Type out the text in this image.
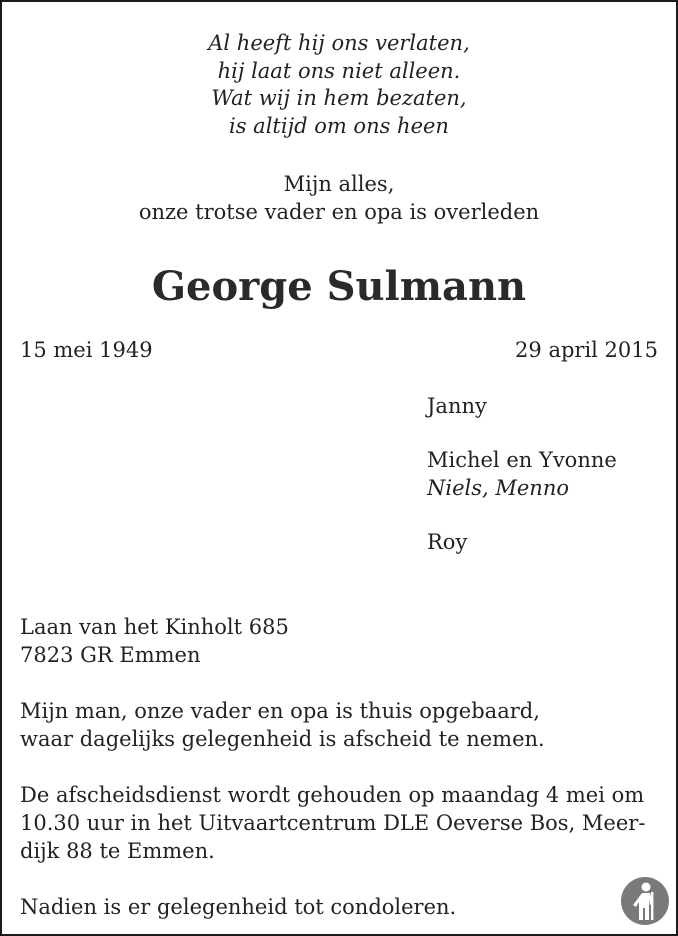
Al heeft hij ons verlaten,
hij laat ons niet alleen.
Wat wij in hem bezaten,
is altijd om ons heen
Mijn alles,
onze trotse vader en opa is overleden
George Sulmann
15 mei 1949	29 april 2015
Janny
Michel en Yvonne
Niels, Menno
Roy
Laan van het Kinholt 685
7823 GR Emmen
Mijn man, onze vader en opa is thuis opgebaard,
waar dagelijks gelegenheid is afscheid te nemen.
De afscheidsdienst wordt gehouden op maandag 4 mei om
10.30 uur in het Uitvaartcentrum DLE Oeverse Bos, Meer-
dijk 88 te Emmen.
Nadien is er gelegenheid tot condoleren.
